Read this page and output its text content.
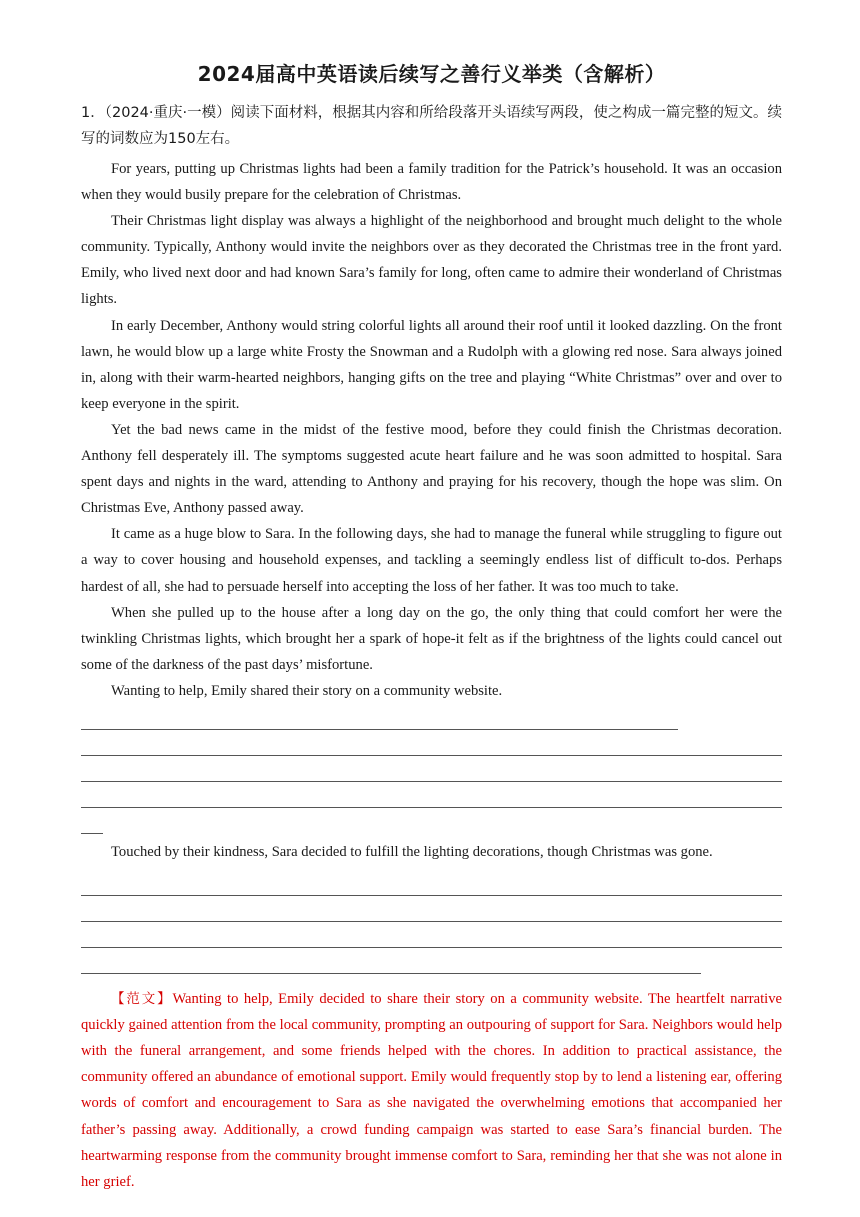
2024届高中英语读后续写之善行义举类（含解析）
1．（2024·重庆·一模）阅读下面材料，根据其内容和所给段落开头语续写两段，使之构成一篇完整的短文。续写的词数应为150左右。

For years, putting up Christmas lights had been a family tradition for the Patrick’s household. It was an occasion when they would busily prepare for the celebration of Christmas.

Their Christmas light display was always a highlight of the neighborhood and brought much delight to the whole community. Typically, Anthony would invite the neighbors over as they decorated the Christmas tree in the front yard. Emily, who lived next door and had known Sara’s family for long, often came to admire their wonderland of Christmas lights.

In early December, Anthony would string colorful lights all around their roof until it looked dazzling. On the front lawn, he would blow up a large white Frosty the Snowman and a Rudolph with a glowing red nose. Sara always joined in, along with their warm-hearted neighbors, hanging gifts on the tree and playing “White Christmas” over and over to keep everyone in the spirit.

Yet the bad news came in the midst of the festive mood, before they could finish the Christmas decoration. Anthony fell desperately ill. The symptoms suggested acute heart failure and he was soon admitted to hospital. Sara spent days and nights in the ward, attending to Anthony and praying for his recovery, though the hope was slim. On Christmas Eve, Anthony passed away.

It came as a huge blow to Sara. In the following days, she had to manage the funeral while struggling to figure out a way to cover housing and household expenses, and tackling a seemingly endless list of difficult to-dos. Perhaps hardest of all, she had to persuade herself into accepting the loss of her father. It was too much to take.

When she pulled up to the house after a long day on the go, the only thing that could comfort her were the twinkling Christmas lights, which brought her a spark of hope-it felt as if the brightness of the lights could cancel out some of the darkness of the past days’ misfortune.

Wanting to help, Emily shared their story on a community website.

Touched by their kindness, Sara decided to fulfill the lighting decorations, though Christmas was gone.

【范文】Wanting to help, Emily decided to share their story on a community website. The heartfelt narrative quickly gained attention from the local community, prompting an outpouring of support for Sara. Neighbors would help with the funeral arrangement, and some friends helped with the chores. In addition to practical assistance, the community offered an abundance of emotional support. Emily would frequently stop by to lend a listening ear, offering words of comfort and encouragement to Sara as she navigated the overwhelming emotions that accompanied her father’s passing away. Additionally, a crowd funding campaign was started to ease Sara’s financial burden. The heartwarming response from the community brought immense comfort to Sara, reminding her that she was not alone in her grief.
